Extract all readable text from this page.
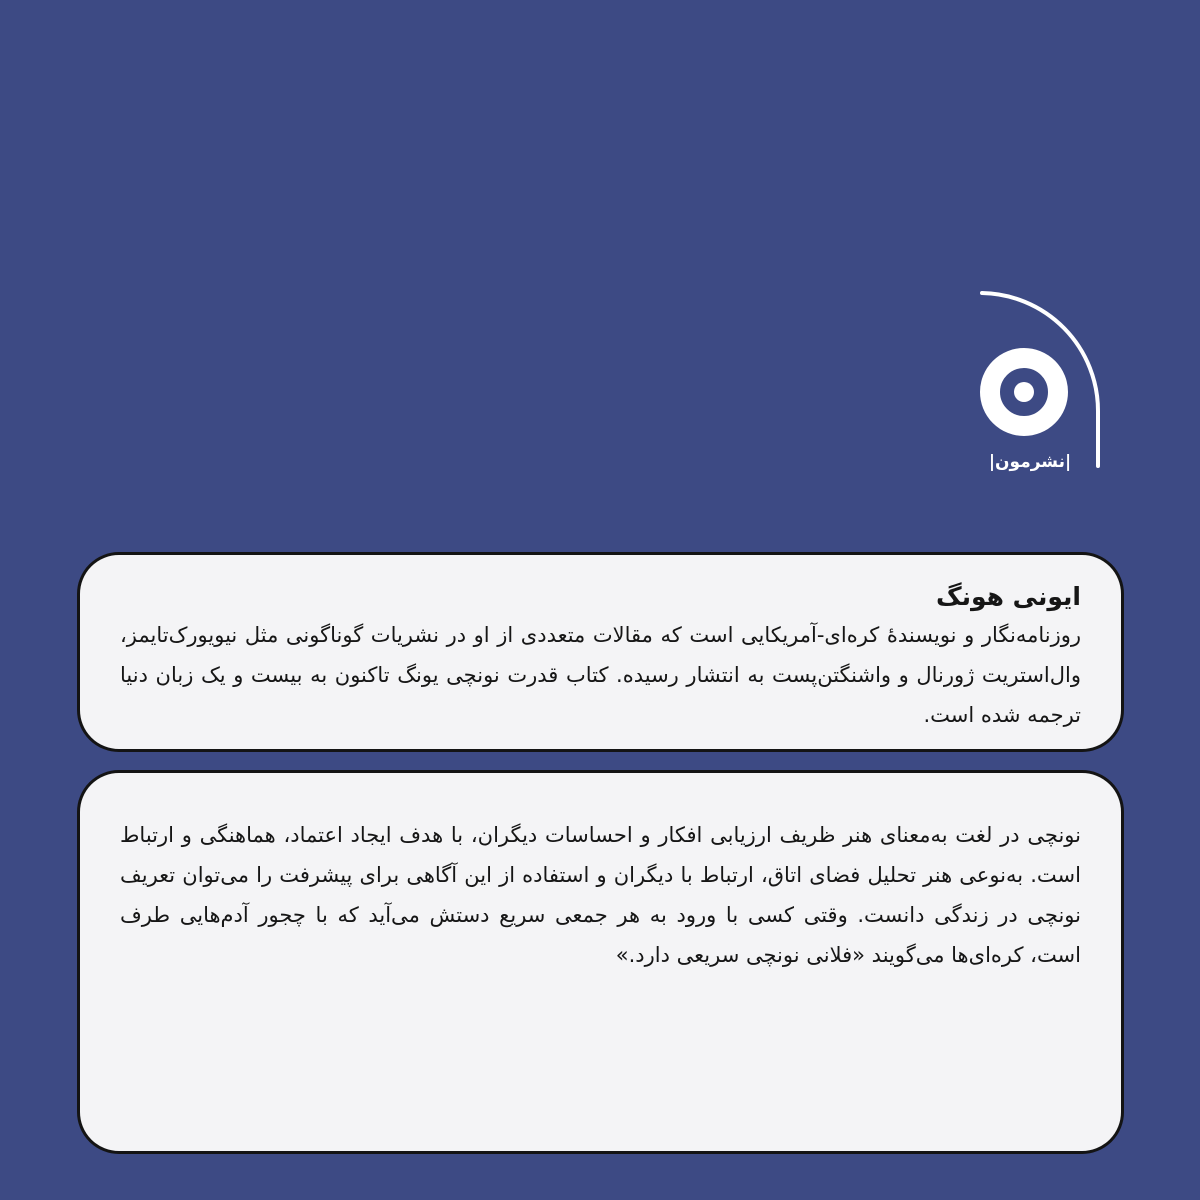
|نشرمون|

ایونی هونگ

روزنامه‌نگار و نویسندهٔ کره‌ای-آمریکایی است که مقالات متعددی از او در نشریات گوناگونی مثل نیویورک‌تایمز، وال‌استریت ژورنال و واشنگتن‌پست به انتشار رسیده. کتاب قدرت نونچی یونگ تاکنون به بیست و یک زبان دنیا ترجمه شده است.

نونچی در لغت به‌معنای هنر ظریف ارزیابی افکار و احساسات دیگران، با هدف ایجاد اعتماد، هماهنگی و ارتباط است. به‌نوعی هنر تحلیل فضای اتاق، ارتباط با دیگران و استفاده از این آگاهی برای پیشرفت را می‌توان تعریف نونچی در زندگی دانست. وقتی کسی با ورود به هر جمعی سریع دستش می‌آید که با چجور آدم‌هایی طرف است، کره‌ای‌ها می‌گویند «فلانی نونچی سریعی دارد.»
